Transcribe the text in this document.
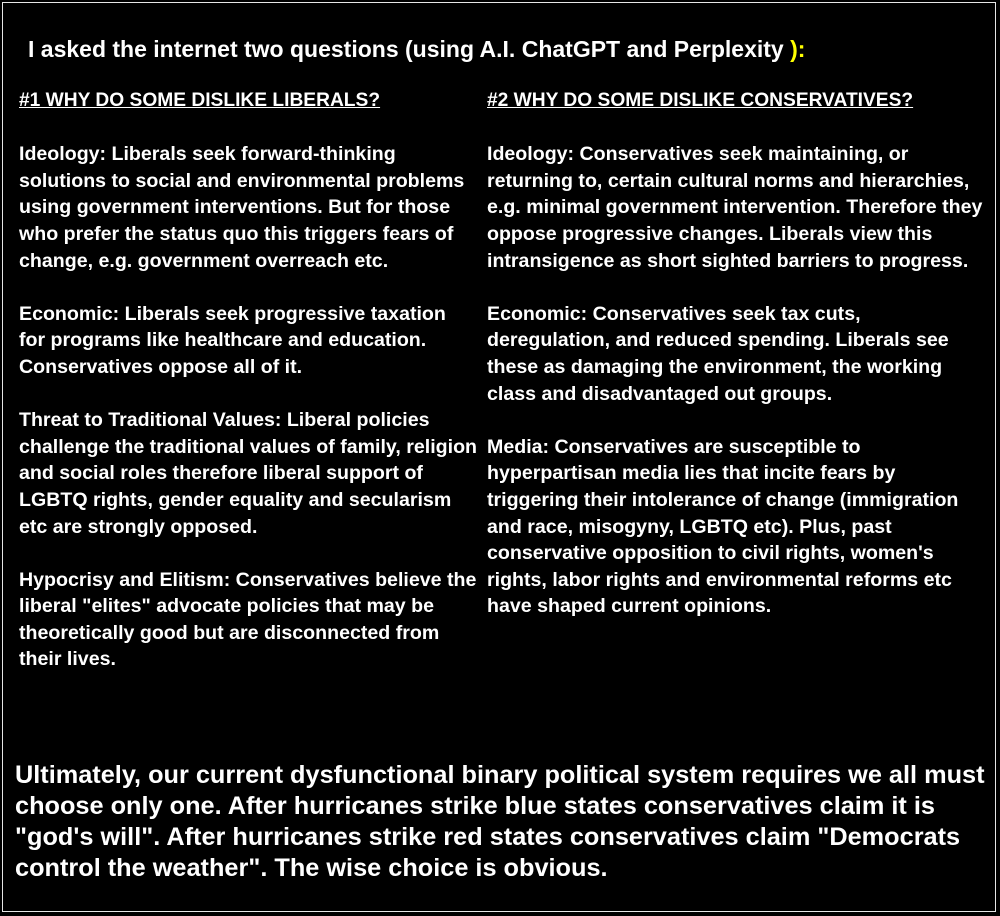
I asked the internet two questions (using A.I. ChatGPT and Perplexity ):
#1 WHY DO SOME DISLIKE LIBERALS?

Ideology: Liberals seek forward-thinking solutions to social and environmental problems using government interventions. But for those who prefer the status quo this triggers fears of change, e.g. government overreach etc.

Economic: Liberals seek progressive taxation for programs like healthcare and education. Conservatives oppose all of it.

Threat to Traditional Values: Liberal policies challenge the traditional values of family, religion and social roles therefore liberal support of LGBTQ rights, gender equality and secularism etc are strongly opposed.

Hypocrisy and Elitism: Conservatives believe the liberal "elites" advocate policies that may be theoretically good but are disconnected from their lives.

#2 WHY DO SOME DISLIKE CONSERVATIVES?

Ideology: Conservatives seek maintaining, or returning to, certain cultural norms and hierarchies, e.g. minimal government intervention. Therefore they oppose progressive changes. Liberals view this intransigence as short sighted barriers to progress.

Economic: Conservatives seek tax cuts, deregulation, and reduced spending. Liberals see these as damaging the environment, the working class and disadvantaged out groups.

Media: Conservatives are susceptible to hyperpartisan media lies that incite fears by triggering their intolerance of change (immigration and race, misogyny, LGBTQ etc). Plus, past conservative opposition to civil rights, women's rights, labor rights and environmental reforms etc have shaped current opinions.

Ultimately, our current dysfunctional binary political system requires we all must choose only one. After hurricanes strike blue states conservatives claim it is "god's will". After hurricanes strike red states conservatives claim "Democrats control the weather". The wise choice is obvious.
